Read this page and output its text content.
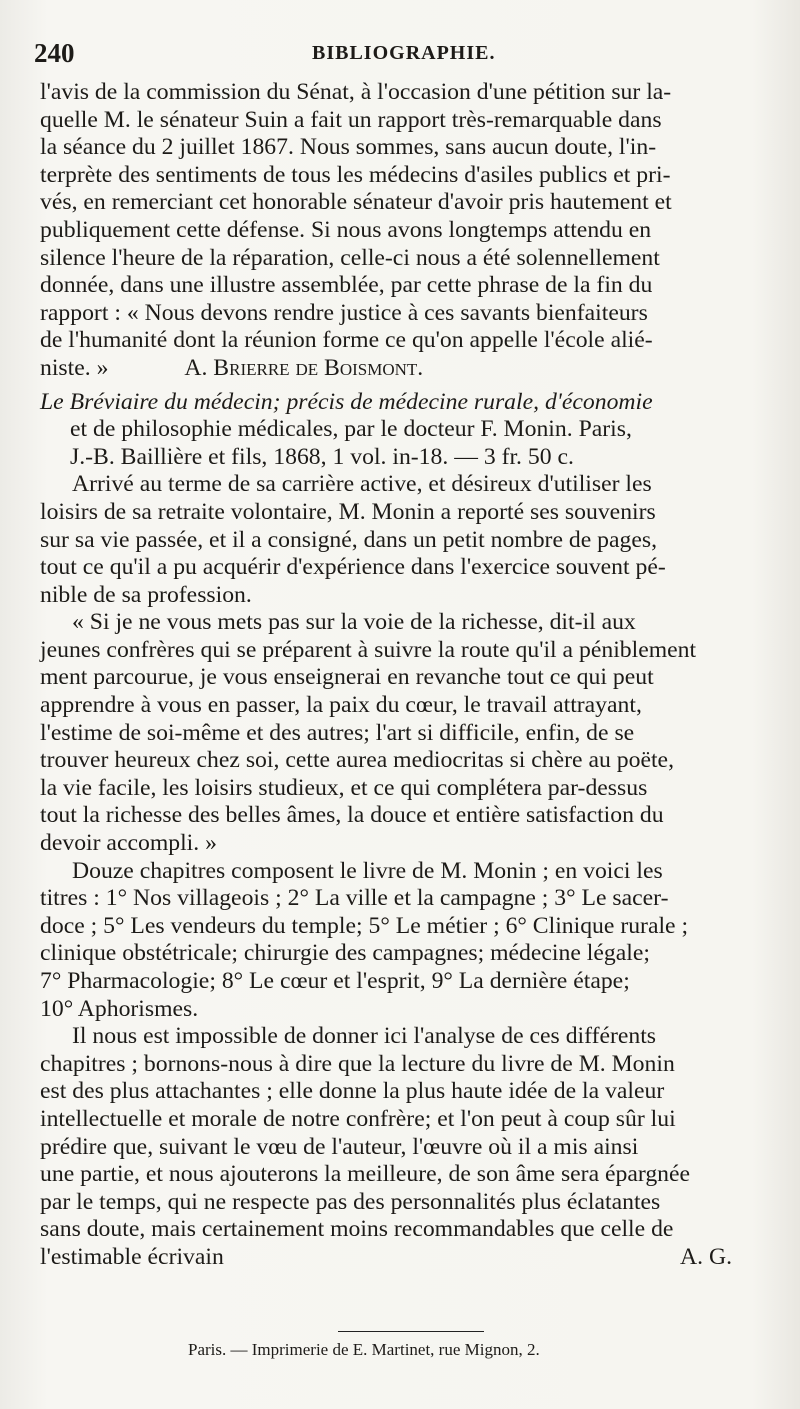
240	BIBLIOGRAPHIE.
l'avis de la commission du Sénat, à l'occasion d'une pétition sur la-
quelle M. le sénateur Suin a fait un rapport très-remarquable dans
la séance du 2 juillet 1867. Nous sommes, sans aucun doute, l'in-
terprète des sentiments de tous les médecins d'asiles publics et pri-
vés, en remerciant cet honorable sénateur d'avoir pris hautement et
publiquement cette défense. Si nous avons longtemps attendu en
silence l'heure de la réparation, celle-ci nous a été solennellement
donnée, dans une illustre assemblée, par cette phrase de la fin du
rapport : « Nous devons rendre justice à ces savants bienfaiteurs
de l'humanité dont la réunion forme ce qu'on appelle l'école alié-
niste. »	A. Brierre de Boismont.
Le Bréviaire du médecin; précis de médecine rurale, d'économie
et de philosophie médicales, par le docteur F. Monin. Paris,
J.-B. Baillière et fils, 1868, 1 vol. in-18. — 3 fr. 50 c.
Arrivé au terme de sa carrière active, et désireux d'utiliser les
loisirs de sa retraite volontaire, M. Monin a reporté ses souvenirs
sur sa vie passée, et il a consigné, dans un petit nombre de pages,
tout ce qu'il a pu acquérir d'expérience dans l'exercice souvent pé-
nible de sa profession.
« Si je ne vous mets pas sur la voie de la richesse, dit-il aux
jeunes confrères qui se préparent à suivre la route qu'il a péniblement
ment parcourue, je vous enseignerai en revanche tout ce qui peut
apprendre à vous en passer, la paix du cœur, le travail attrayant,
l'estime de soi-même et des autres; l'art si difficile, enfin, de se
trouver heureux chez soi, cette aurea mediocritas si chère au poëte,
la vie facile, les loisirs studieux, et ce qui complétera par-dessus
tout la richesse des belles âmes, la douce et entière satisfaction du
devoir accompli. »
Douze chapitres composent le livre de M. Monin ; en voici les
titres : 1° Nos villageois ; 2° La ville et la campagne ; 3° Le sacer-
doce ; 5° Les vendeurs du temple; 5° Le métier ; 6° Clinique rurale ;
clinique obstétricale; chirurgie des campagnes; médecine légale;
7° Pharmacologie; 8° Le cœur et l'esprit, 9° La dernière étape;
10° Aphorismes.
Il nous est impossible de donner ici l'analyse de ces différents
chapitres ; bornons-nous à dire que la lecture du livre de M. Monin
est des plus attachantes ; elle donne la plus haute idée de la valeur
intellectuelle et morale de notre confrère; et l'on peut à coup sûr lui
prédire que, suivant le vœu de l'auteur, l'œuvre où il a mis ainsi
une partie, et nous ajouterons la meilleure, de son âme sera épargnée
par le temps, qui ne respecte pas des personnalités plus éclatantes
sans doute, mais certainement moins recommandables que celle de
l'estimable écrivain	A. G.
Paris. — Imprimerie de E. Martinet, rue Mignon, 2.
